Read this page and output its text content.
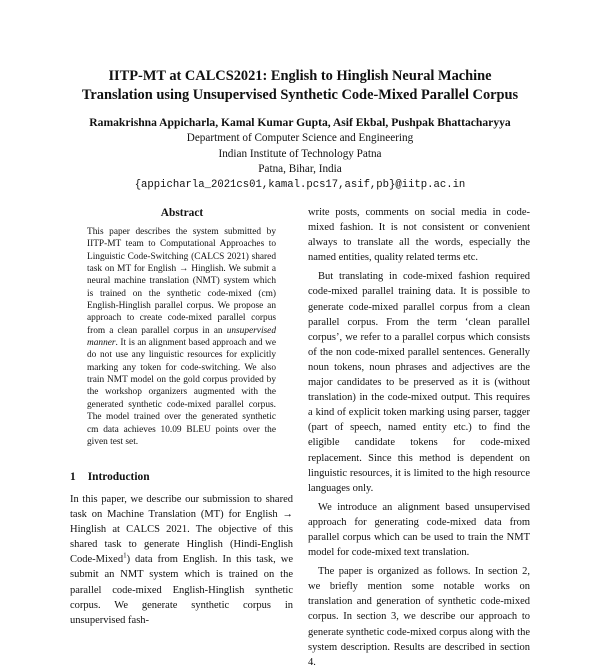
IITP-MT at CALCS2021: English to Hinglish Neural Machine
Translation using Unsupervised Synthetic Code-Mixed Parallel Corpus
Ramakrishna Appicharla, Kamal Kumar Gupta, Asif Ekbal, Pushpak Bhattacharyya
Department of Computer Science and Engineering
Indian Institute of Technology Patna
Patna, Bihar, India
{appicharla_2021cs01,kamal.pcs17,asif,pb}@iitp.ac.in
Abstract
This paper describes the system submitted by IITP-MT team to Computational Approaches to Linguistic Code-Switching (CALCS 2021) shared task on MT for English → Hinglish. We submit a neural machine translation (NMT) system which is trained on the synthetic code-mixed (cm) English-Hinglish parallel corpus. We propose an approach to create code-mixed parallel corpus from a clean parallel corpus in an unsupervised manner. It is an alignment based approach and we do not use any linguistic resources for explicitly marking any token for code-switching. We also train NMT model on the gold corpus provided by the workshop organizers augmented with the generated synthetic code-mixed parallel corpus. The model trained over the generated synthetic cm data achieves 10.09 BLEU points over the given test set.
1 Introduction
In this paper, we describe our submission to shared task on Machine Translation (MT) for English → Hinglish at CALCS 2021. The objective of this shared task to generate Hinglish (Hindi-English Code-Mixed$^1$) data from English. In this task, we submit an NMT system which is trained on the parallel code-mixed English-Hinglish synthetic corpus. We generate synthetic corpus in unsupervised fash-

write posts, comments on social media in code-mixed fashion. It is not consistent or convenient always to translate all the words, especially the named entities, quality related terms etc.

But translating in code-mixed fashion required code-mixed parallel training data. It is possible to generate code-mixed parallel corpus from a clean parallel corpus. From the term ‘clean parallel corpus’, we refer to a parallel corpus which consists of the non code-mixed parallel sentences. Generally noun tokens, noun phrases and adjectives are the major candidates to be preserved as it is (without translation) in the code-mixed output. This requires a kind of explicit token marking using parser, tagger (part of speech, named entity etc.) to find the eligible candidate tokens for code-mixed replacement. Since this method is dependent on linguistic resources, it is limited to the high resource languages only.

We introduce an alignment based unsupervised approach for generating code-mixed data from parallel corpus which can be used to train the NMT model for code-mixed text translation.

The paper is organized as follows. In section 2, we briefly mention some notable works on translation and generation of synthetic code-mixed corpus. In section 3, we describe our approach to generate synthetic code-mixed corpus along with the system description. Results are described in section 4.
